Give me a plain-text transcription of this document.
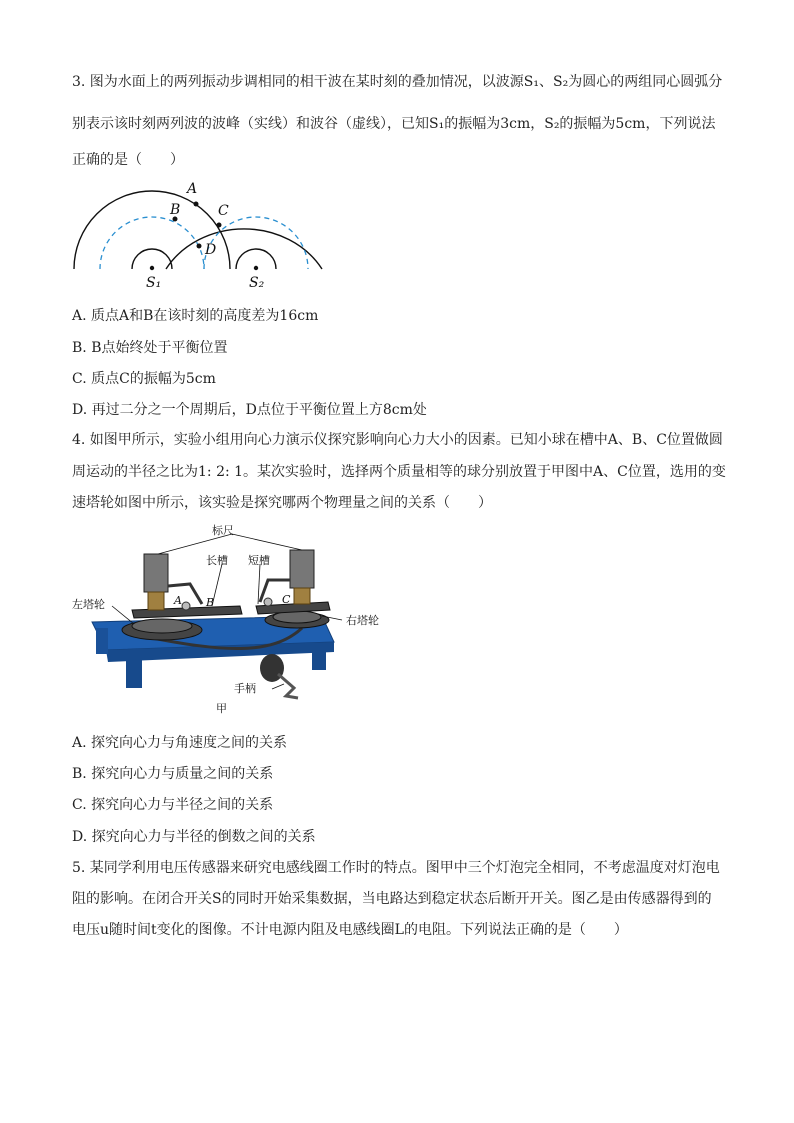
3. 图为水面上的两列振动步调相同的相干波在某时刻的叠加情况，以波源S₁、S₂为圆心的两组同心圆弧分
别表示该时刻两列波的波峰（实线）和波谷（虚线），已知S₁的振幅为3cm，S₂的振幅为5cm，下列说法
正确的是（　　）
A
B	C
D
S₁	S₂
A. 质点A和B在该时刻的高度差为16cm
B. B点始终处于平衡位置
C. 质点C的振幅为5cm
D. 再过二分之一个周期后，D点位于平衡位置上方8cm处
4. 如图甲所示，实验小组用向心力演示仪探究影响向心力大小的因素。已知小球在槽中A、B、C位置做圆
周运动的半径之比为1: 2: 1。某次实验时，选择两个质量相等的球分别放置于甲图中A、C位置，选用的变
速塔轮如图中所示，该实验是探究哪两个物理量之间的关系（　　）
标尺
长槽 短槽
左塔轮
右塔轮
手柄
甲
A B	C
A. 探究向心力与角速度之间的关系
B. 探究向心力与质量之间的关系
C. 探究向心力与半径之间的关系
D. 探究向心力与半径的倒数之间的关系
5. 某同学利用电压传感器来研究电感线圈工作时的特点。图甲中三个灯泡完全相同，不考虑温度对灯泡电
阻的影响。在闭合开关S的同时开始采集数据，当电路达到稳定状态后断开开关。图乙是由传感器得到的
电压u随时间t变化的图像。不计电源内阻及电感线圈L的电阻。下列说法正确的是（　　）
